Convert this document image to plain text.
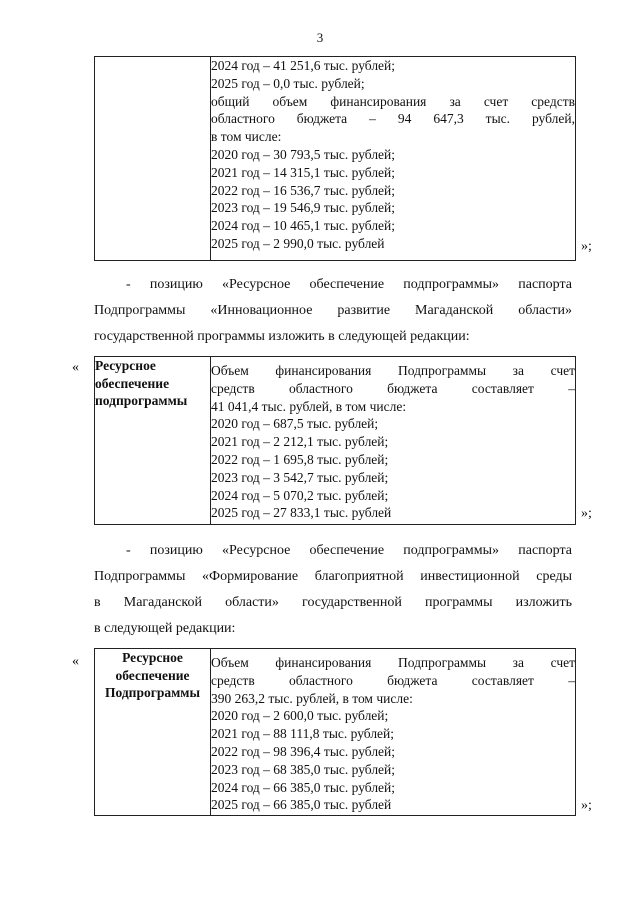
3

2024 год – 41 251,6 тыс. рублей;
2025 год – 0,0 тыс. рублей;
общий объем финансирования за счет средств
областного бюджета – 94 647,3 тыс. рублей,
в том числе:
2020 год – 30 793,5 тыс. рублей;
2021 год – 14 315,1 тыс. рублей;
2022 год – 16 536,7 тыс. рублей;
2023 год – 19 546,9 тыс. рублей;
2024 год – 10 465,1 тыс. рублей;
2025 год – 2 990,0 тыс. рублей	»;
- позицию «Ресурсное обеспечение подпрограммы» паспорта
Подпрограммы «Инновационное развитие Магаданской области»
государственной программы изложить в следующей редакции:
« Ресурсное
обеспечение
подпрограммы

Объем финансирования Подпрограммы за счет
средств областного бюджета составляет –
41 041,4 тыс. рублей, в том числе:
2020 год – 687,5 тыс. рублей;
2021 год – 2 212,1 тыс. рублей;
2022 год – 1 695,8 тыс. рублей;
2023 год – 3 542,7 тыс. рублей;
2024 год – 5 070,2 тыс. рублей;
2025 год – 27 833,1 тыс. рублей	»;
- позицию «Ресурсное обеспечение подпрограммы» паспорта
Подпрограммы «Формирование благоприятной инвестиционной среды
в Магаданской области» государственной программы изложить
в следующей редакции:
«	Ресурсное
обеспечение
Подпрограммы

Объем финансирования Подпрограммы за счет
средств областного бюджета составляет –
390 263,2 тыс. рублей, в том числе:
2020 год – 2 600,0 тыс. рублей;
2021 год – 88 111,8 тыс. рублей;
2022 год – 98 396,4 тыс. рублей;
2023 год – 68 385,0 тыс. рублей;
2024 год – 66 385,0 тыс. рублей;
2025 год – 66 385,0 тыс. рублей	»;
